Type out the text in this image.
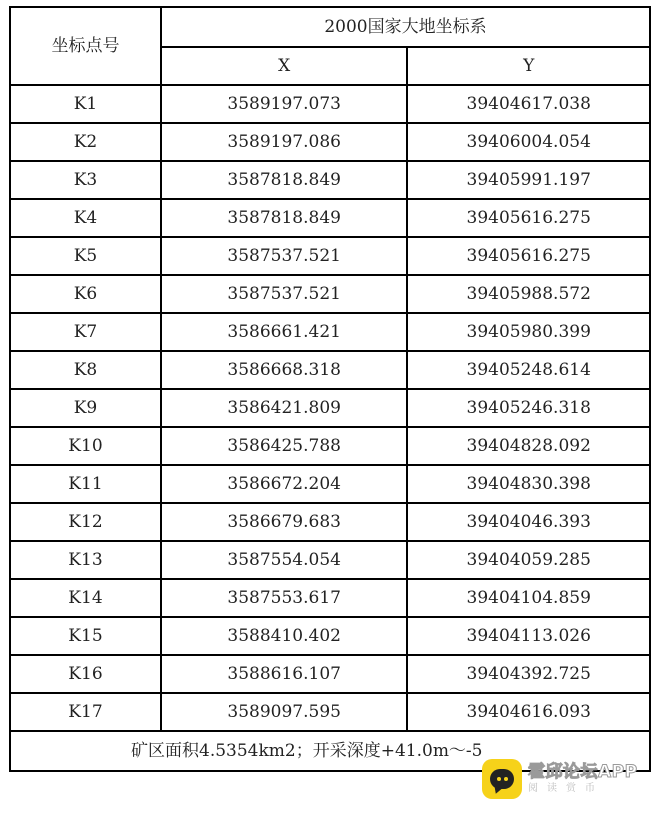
坐标点号	2000国家大地坐标系	
	X	Y
K1	3589197.073	39404617.038
K2	3589197.086	39406004.054
K3	3587818.849	39405991.197
K4	3587818.849	39405616.275
K5	3587537.521	39405616.275
K6	3587537.521	39405988.572
K7	3586661.421	39405980.399
K8	3586668.318	39405248.614
K9	3586421.809	39405246.318
K10	3586425.788	39404828.092
K11	3586672.204	39404830.398
K12	3586679.683	39404046.393
K13	3587554.054	39404059.285
K14	3587553.617	39404104.859
K15	3588410.402	39404113.026
K16	3588616.107	39404392.725
K17	3589097.595	39404616.093
矿区面积4.5354km2；开采深度+41.0m～-5		
霍邱论坛APP
阅读赏币
